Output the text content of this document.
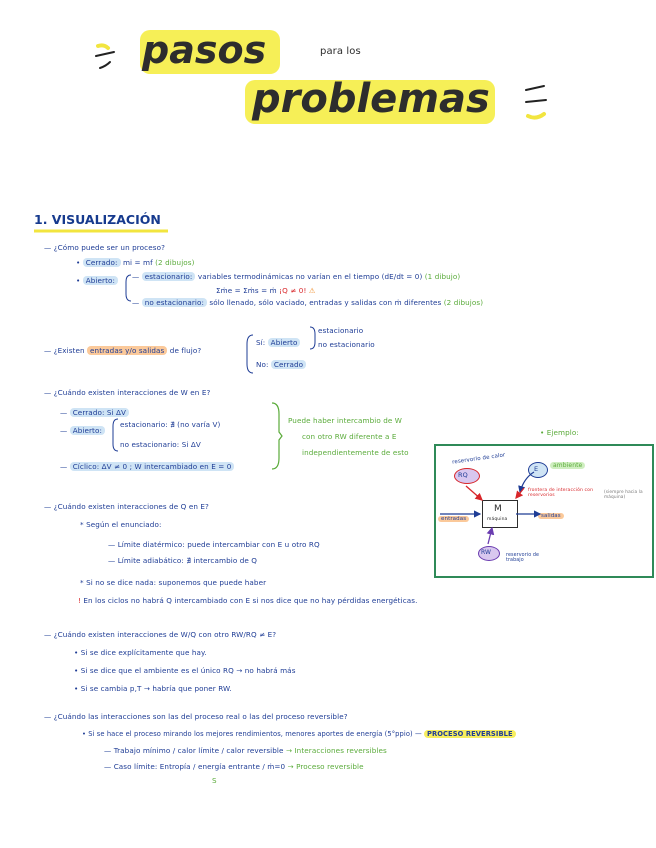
pasos	para los
problemas
1. VISUALIZACIÓN
— ¿Cómo puede ser un proceso?
• Cerrado: mi = mf (2 dibujos)
• Abierto:	— estacionario: variables termodinámicas no varían en el tiempo (dE/dt = 0) (1 dibujo)
Σṁe = Σṁs = ṁ ¡Q ≠ 0! ⚠
— no estacionario: sólo llenado, sólo vaciado, entradas y salidas con ṁ diferentes (2 dibujos)
— ¿Existen entradas y/o salidas de flujo?
Sí: Abierto
estacionario
no estacionario
No: Cerrado
— ¿Cuándo existen interacciones de W en E?
— Cerrado: Si ΔV
— Abierto:
estacionario: ∄ (no varía V)
no estacionario: Si ΔV
— Cíclico: ΔV ≠ 0 ; W intercambiado en E = 0
Puede haber intercambio de W
con otro RW diferente a E
independientemente de esto
• Ejemplo:
reservorio de calor
RQ
E	ambiente
M
máquina
entradas	salidas
frontera de interacción con reservorios
(siempre hacia la máquina)
RW	reservorio de trabajo
— ¿Cuándo existen interacciones de Q en E?
* Según el enunciado:
— Límite diatérmico: puede intercambiar con E u otro RQ
— Límite adiabático: ∄ intercambio de Q
* Si no se dice nada: suponemos que puede haber
! En los ciclos no habrá Q intercambiado con E si nos dice que no hay pérdidas energéticas.
— ¿Cuándo existen interacciones de W/Q con otro RW/RQ ≠ E?
• Si se dice explícitamente que hay.
• Si se dice que el ambiente es el único RQ → no habrá más
• Si se cambia p,T → habría que poner RW.
— ¿Cuándo las interacciones son las del proceso real o las del proceso reversible?
• Si se hace el proceso mirando los mejores rendimientos, menores aportes de energía (5°ppio) — PROCESO REVERSIBLE
— Trabajo mínimo / calor límite / calor reversible → Interacciones reversibles
— Caso límite: Entropía / energía entrante / ṁ=0 → Proceso reversible
S
